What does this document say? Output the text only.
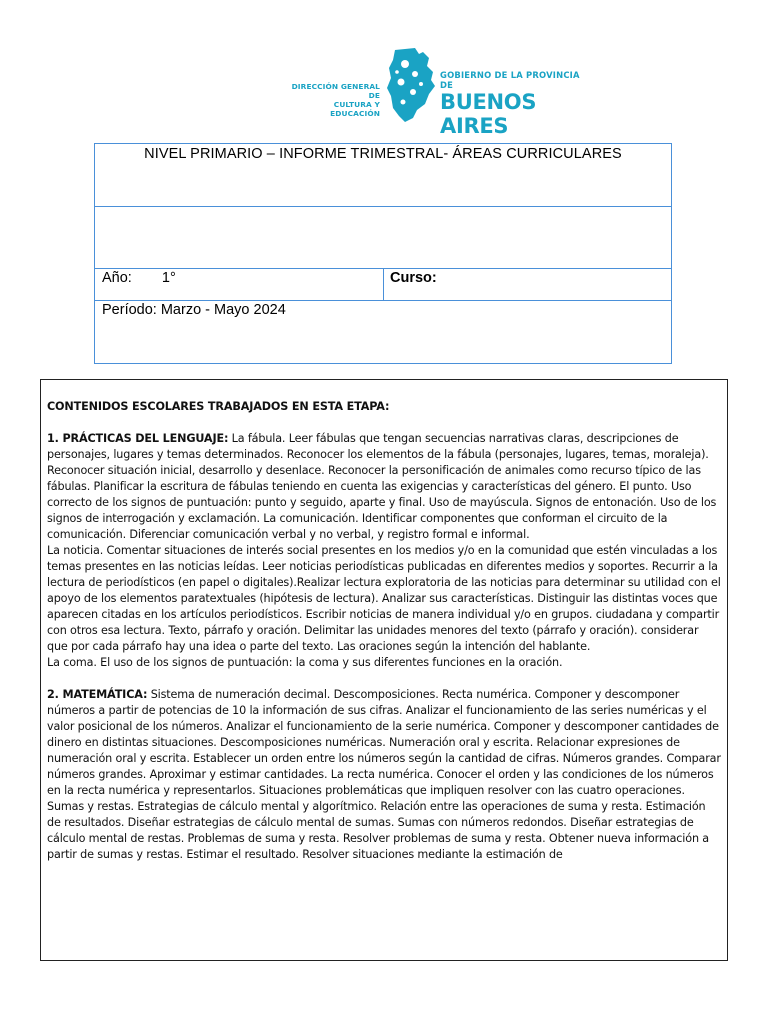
DIRECCIÓN GENERAL DE
CULTURA Y EDUCACIÓN
GOBIERNO DE LA PROVINCIA DE
BUENOS AIRES
NIVEL PRIMARIO – INFORME TRIMESTRAL- ÁREAS CURRICULARES
Año: 1°	Curso:
Período: Marzo - Mayo 2024

CONTENIDOS ESCOLARES TRABAJADOS EN ESTA ETAPA:

1. PRÁCTICAS DEL LENGUAJE: La fábula. Leer fábulas que tengan secuencias narrativas claras, descripciones de personajes, lugares y temas determinados. Reconocer los elementos de la fábula (personajes, lugares, temas, moraleja). Reconocer situación inicial, desarrollo y desenlace. Reconocer la personificación de animales como recurso típico de las fábulas. Planificar la escritura de fábulas teniendo en cuenta las exigencias y características del género. El punto. Uso correcto de los signos de puntuación: punto y seguido, aparte y final. Uso de mayúscula. Signos de entonación. Uso de los signos de interrogación y exclamación. La comunicación. Identificar componentes que conforman el circuito de la comunicación. Diferenciar comunicación verbal y no verbal, y registro formal e informal.

La noticia. Comentar situaciones de interés social presentes en los medios y/o en la comunidad que estén vinculadas a los temas presentes en las noticias leídas. Leer noticias periodísticas publicadas en diferentes medios y soportes. Recurrir a la lectura de periodísticos (en papel o digitales).Realizar lectura exploratoria de las noticias para determinar su utilidad con el apoyo de los elementos paratextuales (hipótesis de lectura). Analizar sus características. Distinguir las distintas voces que aparecen citadas en los artículos periodísticos. Escribir noticias de manera individual y/o en grupos. ciudadana y compartir con otros esa lectura. Texto, párrafo y oración. Delimitar las unidades menores del texto (párrafo y oración). considerar que por cada párrafo hay una idea o parte del texto. Las oraciones según la intención del hablante.

La coma. El uso de los signos de puntuación: la coma y sus diferentes funciones en la oración.

2. MATEMÁTICA: Sistema de numeración decimal. Descomposiciones. Recta numérica. Componer y descomponer números a partir de potencias de 10 la información de sus cifras. Analizar el funcionamiento de las series numéricas y el valor posicional de los números. Analizar el funcionamiento de la serie numérica. Componer y descomponer cantidades de dinero en distintas situaciones. Descomposiciones numéricas. Numeración oral y escrita. Relacionar expresiones de numeración oral y escrita. Establecer un orden entre los números según la cantidad de cifras. Números grandes. Comparar números grandes. Aproximar y estimar cantidades. La recta numérica. Conocer el orden y las condiciones de los números en la recta numérica y representarlos. Situaciones problemáticas que impliquen resolver con las cuatro operaciones.

Sumas y restas. Estrategias de cálculo mental y algorítmico. Relación entre las operaciones de suma y resta. Estimación de resultados. Diseñar estrategias de cálculo mental de sumas. Sumas con números redondos. Diseñar estrategias de cálculo mental de restas. Problemas de suma y resta. Resolver problemas de suma y resta. Obtener nueva información a partir de sumas y restas. Estimar el resultado. Resolver situaciones mediante la estimación de
